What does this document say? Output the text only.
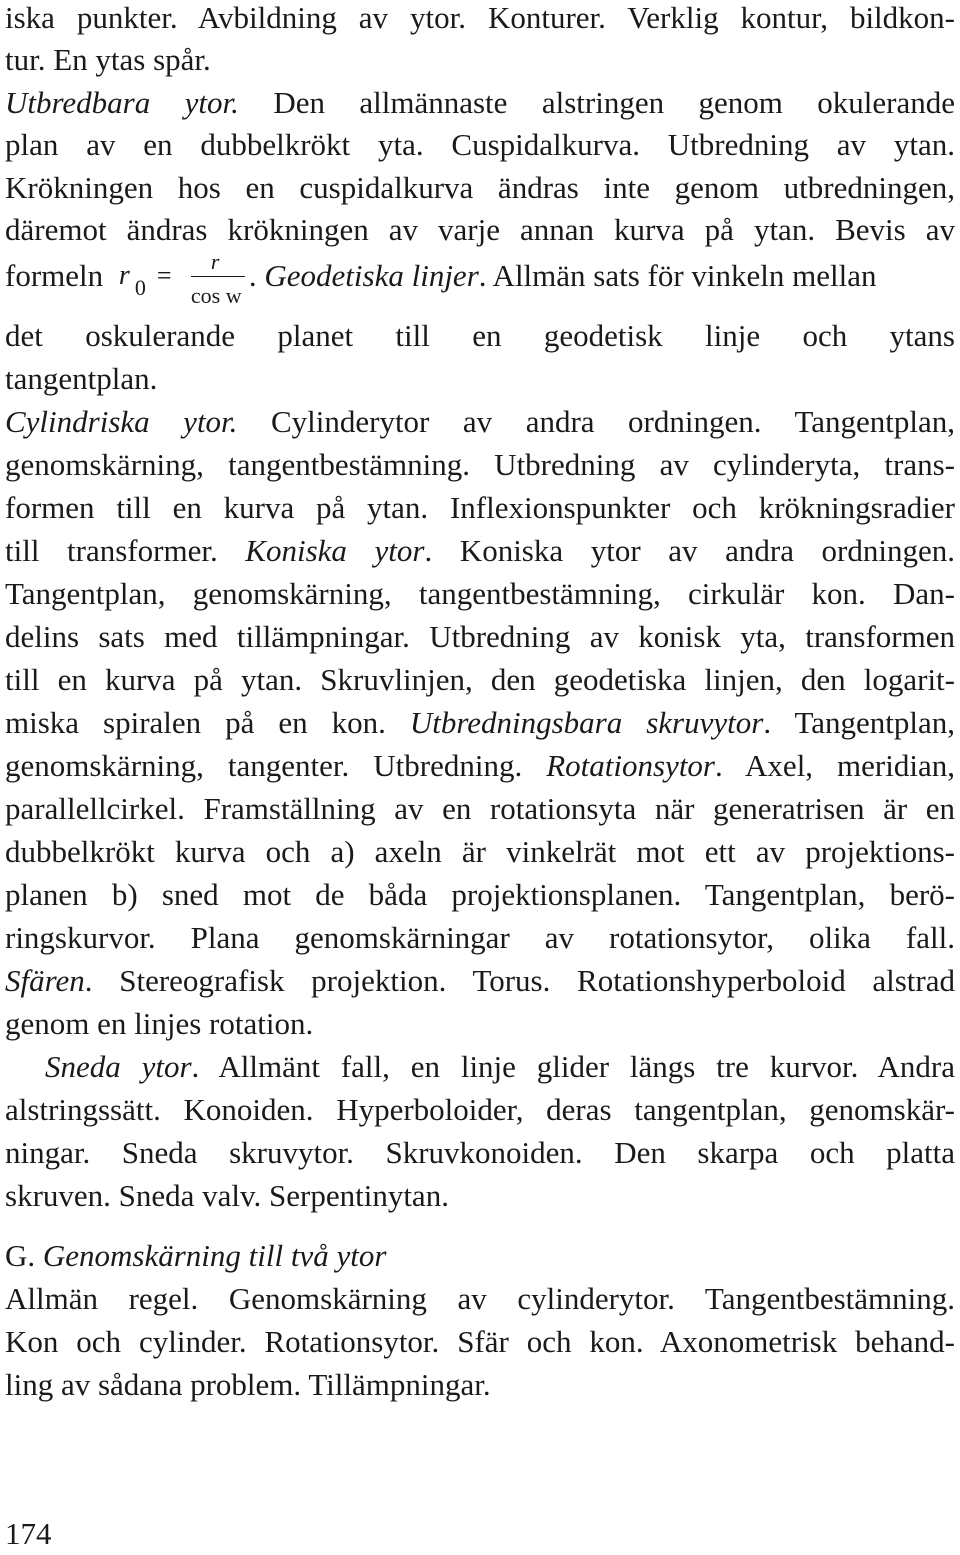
iska punkter. Avbildning av ytor. Konturer. Verklig kontur, bildkon-
tur. En ytas spår.
Utbredbara ytor. Den allmännaste alstringen genom okulerande
plan av en dubbelkrökt yta. Cuspidalkurva. Utbredning av ytan.
Krökningen hos en cuspidalkurva ändras inte genom utbredningen,
däremot ändras krökningen av varje annan kurva på ytan. Bevis av
formeln r 0 = r
cos w
. Geodetiska linjer. Allmän sats för vinkeln mellan
det oskulerande planet till en geodetisk linje och ytans
tangentplan.
Cylindriska ytor. Cylinderytor av andra ordningen. Tangentplan,
genomskärning, tangentbestämning. Utbredning av cylinderyta, trans-
formen till en kurva på ytan. Inflexionspunkter och krökningsradier
till transformer. Koniska ytor. Koniska ytor av andra ordningen.
Tangentplan, genomskärning, tangentbestämning, cirkulär kon. Dan-
delins sats med tillämpningar. Utbredning av konisk yta, transformen
till en kurva på ytan. Skruvlinjen, den geodetiska linjen, den logarit-
miska spiralen på en kon. Utbredningsbara skruvytor. Tangentplan,
genomskärning, tangenter. Utbredning. Rotationsytor. Axel, meridian,
parallellcirkel. Framställning av en rotationsyta när generatrisen är en
dubbelkrökt kurva och a) axeln är vinkelrät mot ett av projektions-
planen b) sned mot de båda projektionsplanen. Tangentplan, berö-
ringskurvor. Plana genomskärningar av rotationsytor, olika fall.
Sfären. Stereografisk projektion. Torus. Rotationshyperboloid alstrad
genom en linjes rotation.
Sneda ytor. Allmänt fall, en linje glider längs tre kurvor. Andra
alstringssätt. Konoiden. Hyperboloider, deras tangentplan, genomskär-
ningar. Sneda skruvytor. Skruvkonoiden. Den skarpa och platta
skruven. Sneda valv. Serpentinytan.
G. Genomskärning till två ytor
Allmän regel. Genomskärning av cylinderytor. Tangentbestämning.
Kon och cylinder. Rotationsytor. Sfär och kon. Axonometrisk behand-
ling av sådana problem. Tillämpningar.
174
